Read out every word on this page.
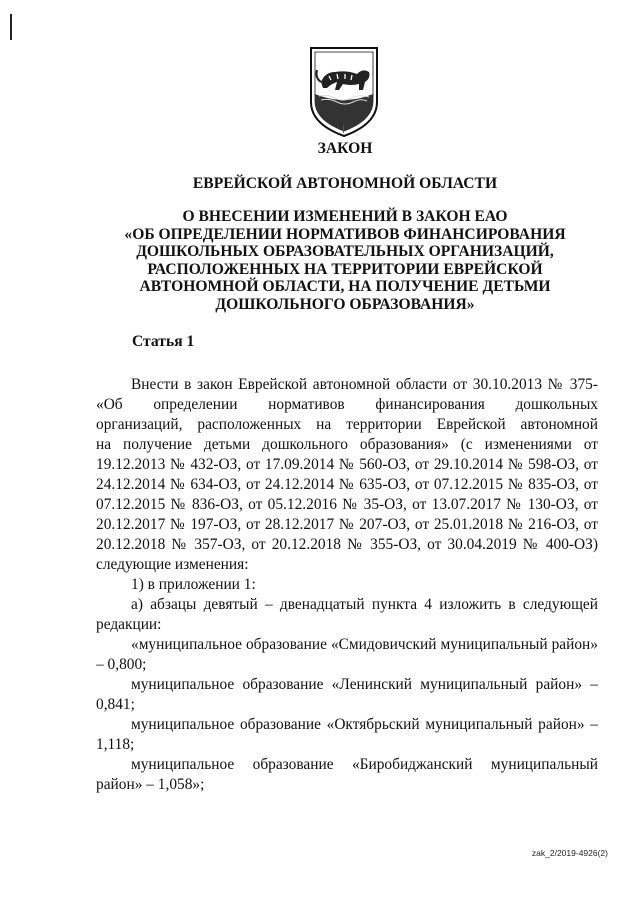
ЗАКОН

ЕВРЕЙСКОЙ АВТОНОМНОЙ ОБЛАСТИ

О ВНЕСЕНИИ ИЗМЕНЕНИЙ В ЗАКОН ЕАО
«ОБ ОПРЕДЕЛЕНИИ НОРМАТИВОВ ФИНАНСИРОВАНИЯ
ДОШКОЛЬНЫХ ОБРАЗОВАТЕЛЬНЫХ ОРГАНИЗАЦИЙ,
РАСПОЛОЖЕННЫХ НА ТЕРРИТОРИИ ЕВРЕЙСКОЙ
АВТОНОМНОЙ ОБЛАСТИ, НА ПОЛУЧЕНИЕ ДЕТЬМИ
ДОШКОЛЬНОГО ОБРАЗОВАНИЯ»

Статья 1

Внести в закон Еврейской автономной области от 30.10.2013 № 375-
«Об определении нормативов финансирования дошкольных
организаций, расположенных на территории Еврейской автономной
на получение детьми дошкольного образования» (с изменениями от
19.12.2013 № 432-ОЗ, от 17.09.2014 № 560-ОЗ, от 29.10.2014 № 598-ОЗ, от
24.12.2014 № 634-ОЗ, от 24.12.2014 № 635-ОЗ, от 07.12.2015 № 835-ОЗ, от
07.12.2015 № 836-ОЗ, от 05.12.2016 № 35-ОЗ, от 13.07.2017 № 130-ОЗ, от
20.12.2017 № 197-ОЗ, от 28.12.2017 № 207-ОЗ, от 25.01.2018 № 216-ОЗ, от
20.12.2018 № 357-ОЗ, от 20.12.2018 № 355-ОЗ, от 30.04.2019 № 400-ОЗ)
следующие изменения:
1) в приложении 1:
а) абзацы девятый – двенадцатый пункта 4 изложить в следующей
редакции:
«муниципальное образование «Смидовичский муниципальный район»
– 0,800;
муниципальное образование «Ленинский муниципальный район» –
0,841;
муниципальное образование «Октябрьский муниципальный район» –
1,118;
муниципальное образование «Биробиджанский муниципальный
район» – 1,058»;
zak_2/2019-4926(2)
